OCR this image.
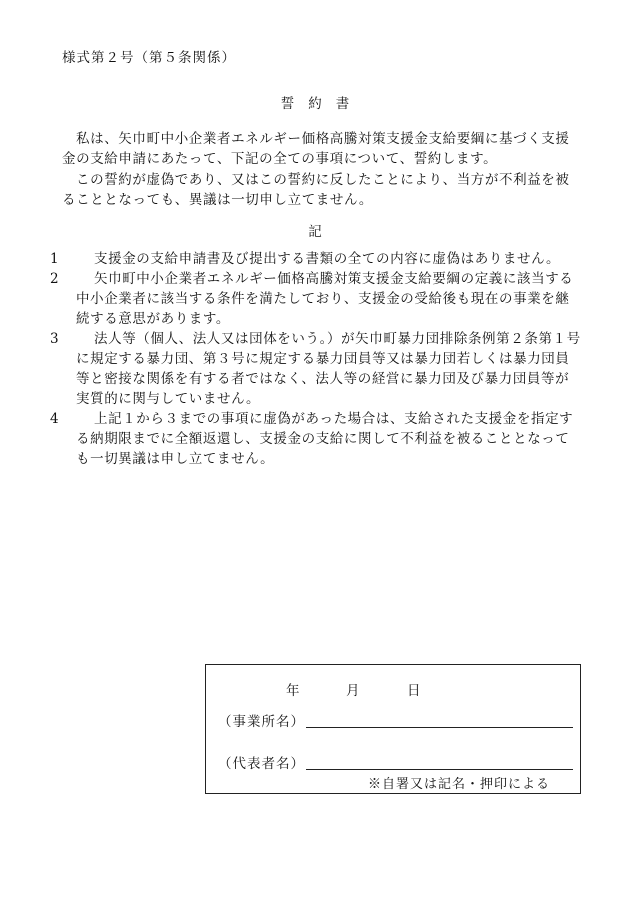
様式第２号（第５条関係）
誓約書
私は、矢巾町中小企業者エネルギー価格高騰対策支援金支給要綱に基づく支援金の支給申請にあたって、下記の全ての事項について、誓約します。
この誓約が虚偽であり、又はこの誓約に反したことにより、当方が不利益を被ることとなっても、異議は一切申し立てません。
記
1	支援金の支給申請書及び提出する書類の全ての内容に虚偽はありません。
2	矢巾町中小企業者エネルギー価格高騰対策支援金支給要綱の定義に該当する中小企業者に該当する条件を満たしており、支援金の受給後も現在の事業を継続する意思があります。
3	法人等（個人、法人又は団体をいう。）が矢巾町暴力団排除条例第２条第１号に規定する暴力団、第３号に規定する暴力団員等又は暴力団若しくは暴力団員等と密接な関係を有する者ではなく、法人等の経営に暴力団及び暴力団員等が実質的に関与していません。
4	上記１から３までの事項に虚偽があった場合は、支給された支援金を指定する納期限までに全額返還し、支援金の支給に関して不利益を被ることとなっても一切異議は申し立てません。
年	月	日
（事業所名）
（代表者名）
※自署又は記名・押印による
